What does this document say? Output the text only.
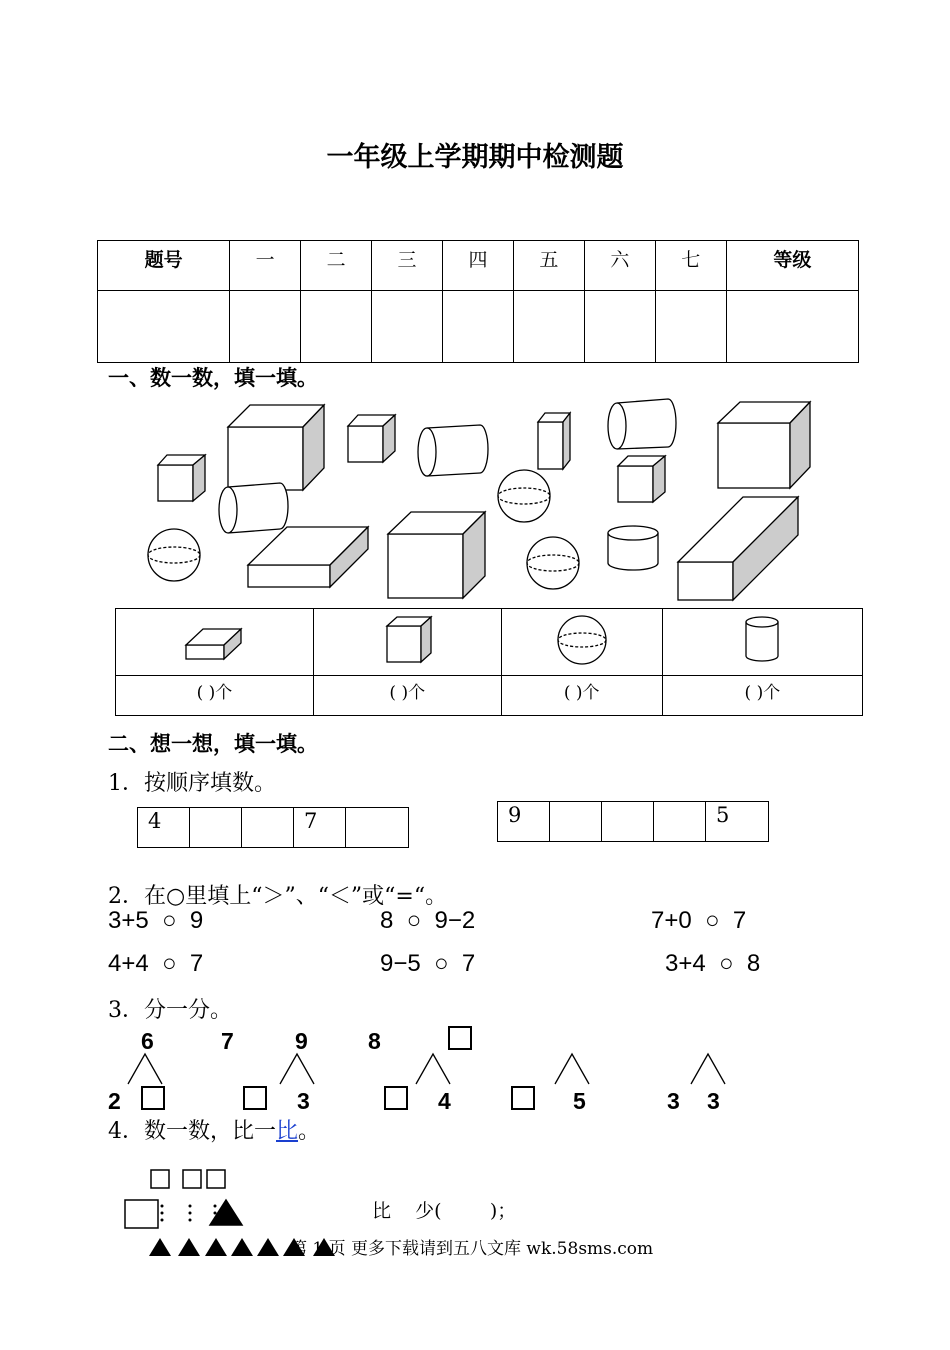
一年级上学期期中检测题
题号	一	二	三	四	五	六	七	等级

一、数一数，填一填。

( )个	( )个	( )个	( )个
二、想一想，填一填。
1．按顺序填数。
4			7		9				5
2．在○里填上“＞”、“＜”或“=“。
3+5 ○ 9	8 ○ 9−2	7+0 ○ 7
4+4 ○ 7	9−5 ○ 7	3+4 ○ 8
3．分一分。
6	7	9	8
2	3	4	5	3 3
4．数一数，比一比。
比    少(        )；
第 1 页 更多下载请到五八文库 wk.58sms.com
